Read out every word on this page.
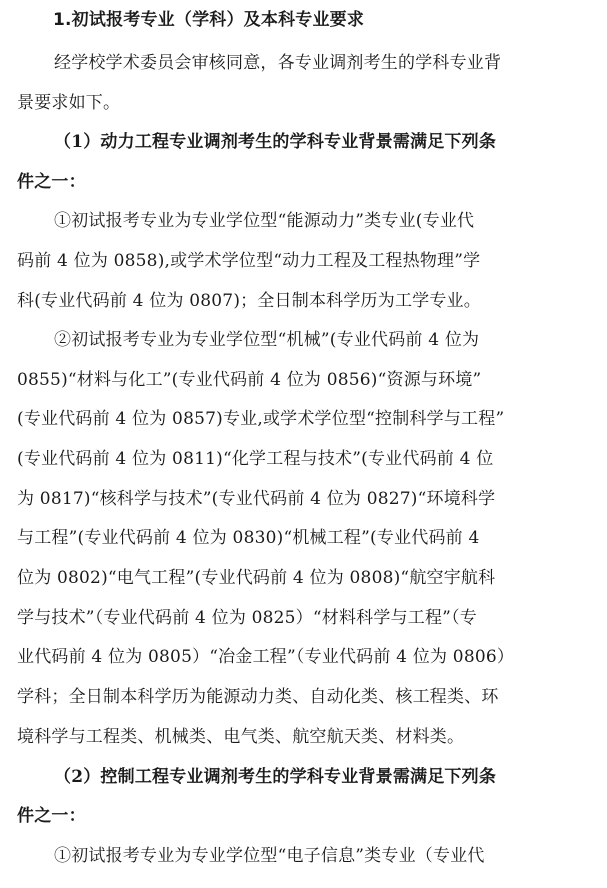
1.初试报考专业（学科）及本科专业要求
经学校学术委员会审核同意，各专业调剂考生的学科专业背
景要求如下。
（1）动力工程专业调剂考生的学科专业背景需满足下列条
件之一：
①初试报考专业为专业学位型“能源动力”类专业(专业代
码前 4 位为 0858),或学术学位型“动力工程及工程热物理”学
科(专业代码前 4 位为 0807)；全日制本科学历为工学专业。
②初试报考专业为专业学位型“机械”(专业代码前 4 位为
0855)“材料与化工”(专业代码前 4 位为 0856)“资源与环境”
(专业代码前 4 位为 0857)专业,或学术学位型“控制科学与工程”
(专业代码前 4 位为 0811)“化学工程与技术”(专业代码前 4 位
为 0817)“核科学与技术”(专业代码前 4 位为 0827)“环境科学
与工程”(专业代码前 4 位为 0830)“机械工程”(专业代码前 4
位为 0802)“电气工程”(专业代码前 4 位为 0808)“航空宇航科
学与技术”（专业代码前 4 位为 0825）“材料科学与工程”（专
业代码前 4 位为 0805）“冶金工程”（专业代码前 4 位为 0806）
学科；全日制本科学历为能源动力类、自动化类、核工程类、环
境科学与工程类、机械类、电气类、航空航天类、材料类。
（2）控制工程专业调剂考生的学科专业背景需满足下列条
件之一：
①初试报考专业为专业学位型“电子信息”类专业（专业代
